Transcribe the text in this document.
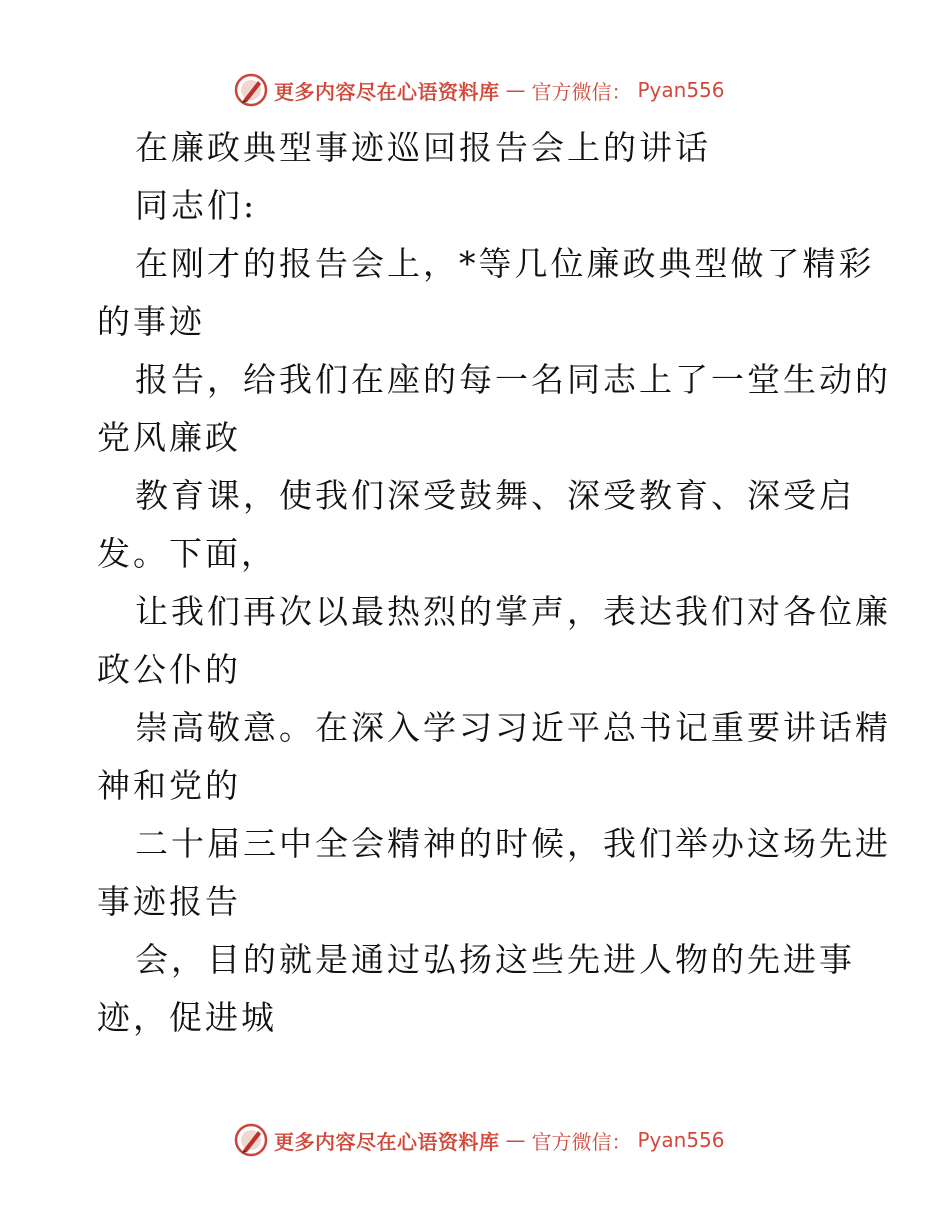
更多内容尽在心语资料库 — 官方微信： Pyan556
在廉政典型事迹巡回报告会上的讲话
同志们:
在刚才的报告会上，*等几位廉政典型做了精彩
的事迹
报告，给我们在座的每一名同志上了一堂生动的
党风廉政
教育课，使我们深受鼓舞、深受教育、深受启
发。下面，
让我们再次以最热烈的掌声，表达我们对各位廉
政公仆的
崇高敬意。在深入学习习近平总书记重要讲话精
神和党的
二十届三中全会精神的时候，我们举办这场先进
事迹报告
会，目的就是通过弘扬这些先进人物的先进事
迹，促进城
更多内容尽在心语资料库 — 官方微信： Pyan556
